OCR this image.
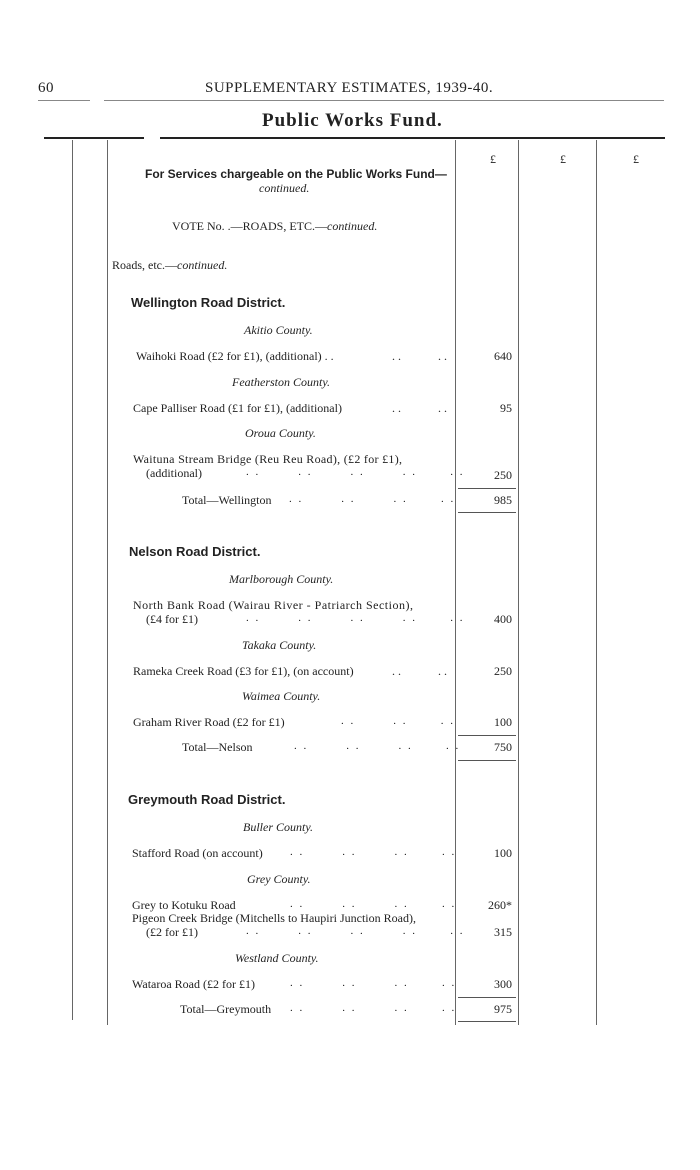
60	SUPPLEMENTARY ESTIMATES, 1939-40.
Public Works Fund.
£	£	£
For Services chargeable on the Public Works Fund—
continued.
VOTE No. .—ROADS, ETC.—continued.
Roads, etc.—continued.
Wellington Road District.
Akitio County.
Waihoki Road (£2 for £1), (additional) . .	. .	. .	640
Featherston County.
Cape Palliser Road (£1 for £1), (additional)	. .	. .	95
Oroua County.
Waituna Stream Bridge (Reu Reu Road), (£2 for £1),
(additional)	. .        . .        . .        . .       . .	250
Total—Wellington . .        . .        . .       . .	985
Nelson Road District.
Marlborough County.
North Bank Road (Wairau River - Patriarch Section),
(£4 for £1)	. .        . .        . .        . .       . .	400
Takaka County.
Rameka Creek Road (£3 for £1), (on account)	. .	. .	250
Waimea County.
Graham River Road (£2 for £1)	. .        . .       . .	100
Total—Nelson	. .        . .        . .       . .	750
Greymouth Road District.
Buller County.
Stafford Road (on account) . .        . .        . .       . .	100
Grey County.
Grey to Kotuku Road	. .        . .        . .       . .	260*
Pigeon Creek Bridge (Mitchells to Haupiri Junction Road),
(£2 for £1)	. .        . .        . .        . .       . .	315
Westland County.
Wataroa Road (£2 for £1)	. .        . .        . .       . .	300
Total—Greymouth . .        . .        . .       . .	975
